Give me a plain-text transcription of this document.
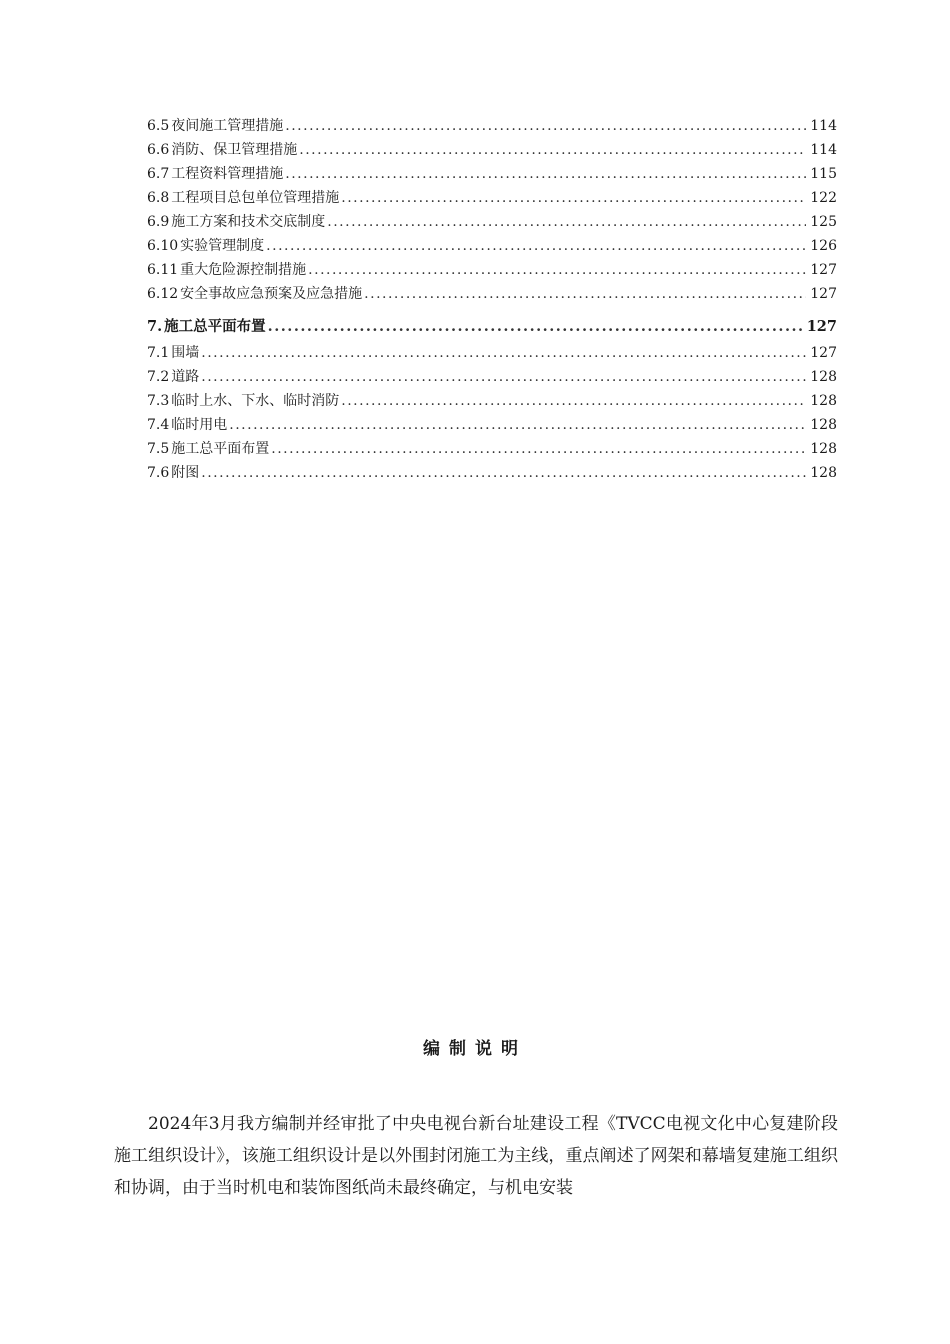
6.5 夜间施工管理措施 .....	114
6.6 消防、保卫管理措施 .....	114
6.7 工程资料管理措施 .....	115
6.8 工程项目总包单位管理措施 .....	122
6.9 施工方案和技术交底制度 .....	125
6.10 实验管理制度 .....	126
6.11 重大危险源控制措施 .....	127
6.12 安全事故应急预案及应急措施 .....	127
7. 施工总平面布置 .....	127
7.1 围墙 .....	127
7.2 道路 .....	128
7.3 临时上水、下水、临时消防 .....	128
7.4 临时用电 .....	128
7.5 施工总平面布置 .....	128
7.6 附图 .....	128
编制说明

2024年3月我方编制并经审批了中央电视台新台址建设工程《TVCC电视文化中心复建阶段施工组织设计》，该施工组织设计是以外围封闭施工为主线，重点阐述了网架和幕墙复建施工组织和协调，由于当时机电和装饰图纸尚未最终确定，与机电安装
